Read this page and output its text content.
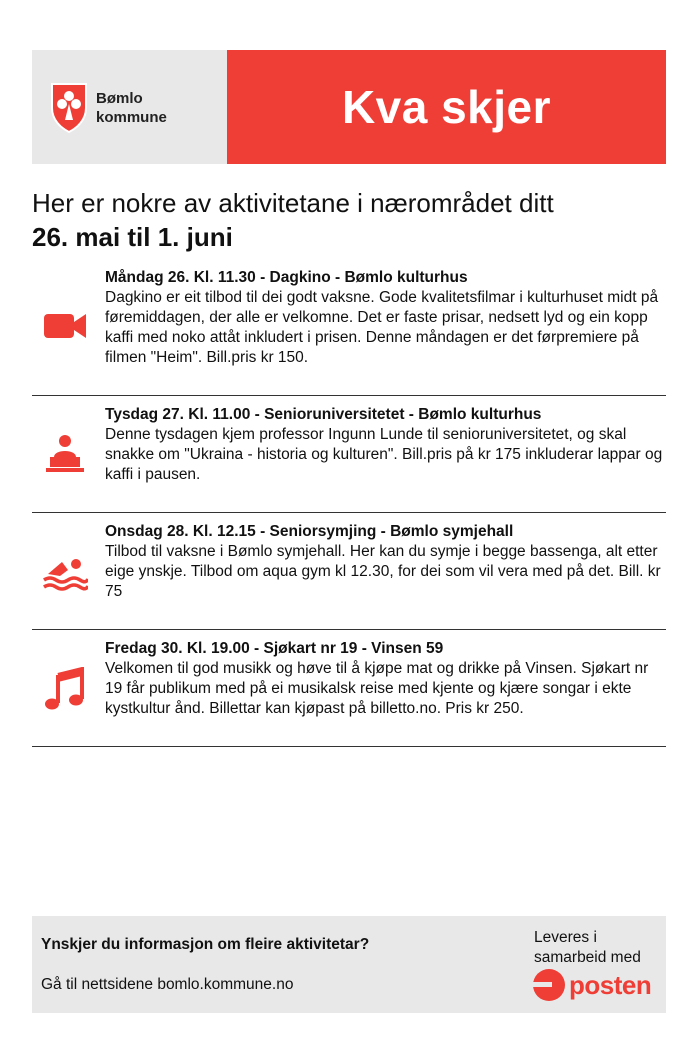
Bømlo
kommune	Kva skjer
Her er nokre av aktivitetane i nærområdet ditt
26. mai til 1. juni
Måndag 26. Kl. 11.30 - Dagkino - Bømlo kulturhus
Dagkino er eit tilbod til dei godt vaksne. Gode kvalitetsfilmar i kulturhuset midt på føremiddagen, der alle er velkomne. Det er faste prisar, nedsett lyd og ein kopp kaffi med noko attåt inkludert i prisen. Denne måndagen er det førpremiere på filmen "Heim". Bill.pris kr 150.
Tysdag 27. Kl. 11.00 - Senioruniversitetet - Bømlo kulturhus
Denne tysdagen kjem professor Ingunn Lunde til senioruniversitetet, og skal snakke om "Ukraina - historia og kulturen". Bill.pris på kr 175 inkluderar lappar og kaffi i pausen.
Onsdag 28. Kl. 12.15 - Seniorsymjing - Bømlo symjehall
Tilbod til vaksne i Bømlo symjehall. Her kan du symje i begge bassenga, alt etter eige ynskje. Tilbod om aqua gym kl 12.30, for dei som vil vera med på det. Bill. kr 75
Fredag 30. Kl. 19.00 - Sjøkart nr 19 - Vinsen 59
Velkomen til god musikk og høve til å kjøpe mat og drikke på Vinsen. Sjøkart nr 19 får publikum med på ei musikalsk reise med kjente og kjære songar i ekte kystkultur ånd. Billettar kan kjøpast på billetto.no. Pris kr 250.
Ynskjer du informasjon om fleire aktivitetar?
Gå til nettsidene bomlo.kommune.no
Leveres i samarbeid med
posten
